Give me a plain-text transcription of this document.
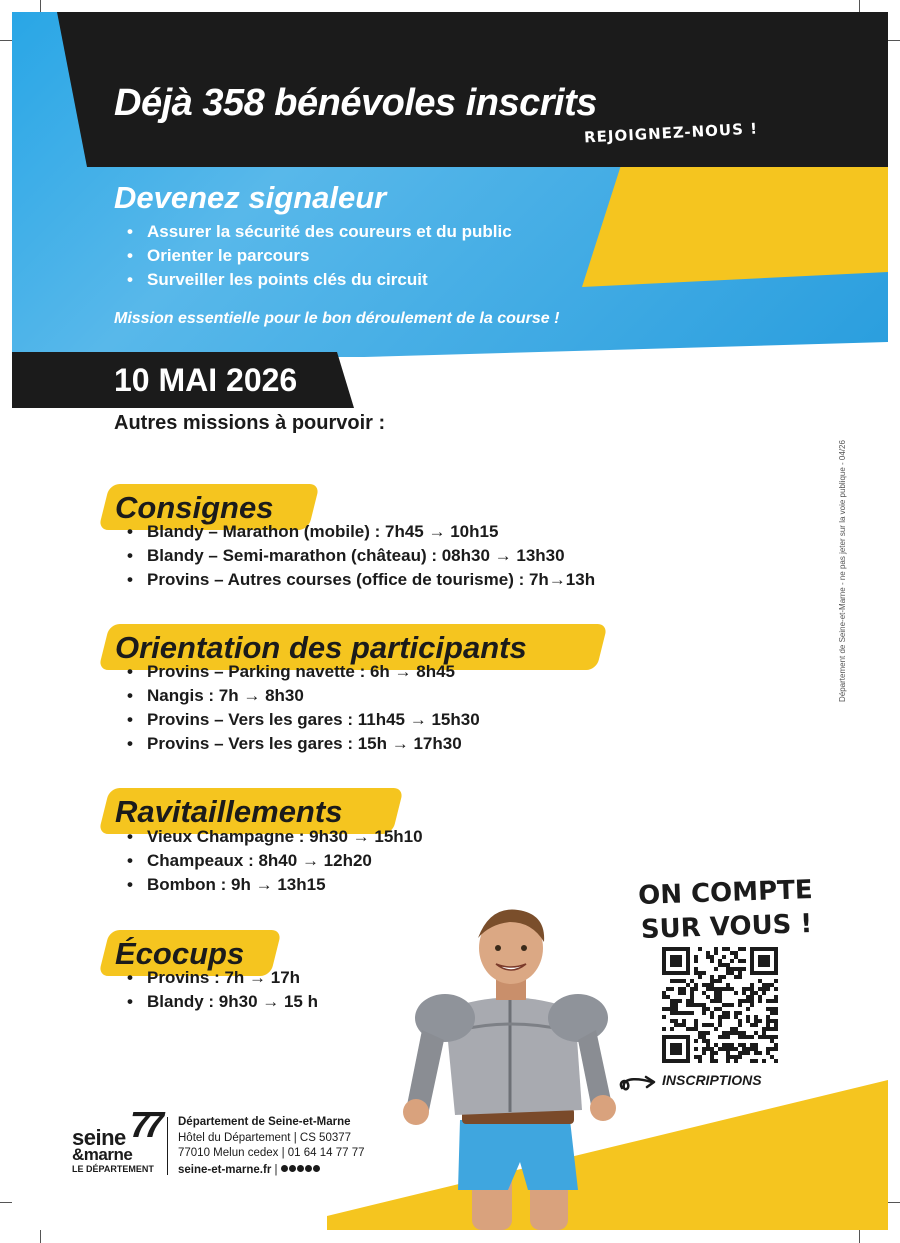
Déjà 358 bénévoles inscrits
REJOIGNEZ-NOUS !
Devenez signaleur
• Assurer la sécurité des coureurs et du public
• Orienter le parcours
• Surveiller les points clés du circuit
Mission essentielle pour le bon déroulement de la course !
10 MAI 2026
Autres missions à pourvoir :
Consignes
• Blandy – Marathon (mobile) : 7h45 → 10h15
• Blandy – Semi-marathon (château) : 08h30 → 13h30
• Provins – Autres courses (office de tourisme) : 7h→13h
Orientation des participants
• Provins – Parking navette : 6h → 8h45
• Nangis : 7h → 8h30
• Provins – Vers les gares : 11h45 → 15h30
• Provins – Vers les gares : 15h → 17h30
Ravitaillements
• Vieux Champagne : 9h30 → 15h10
• Champeaux : 8h40 → 12h20
• Bombon : 9h → 13h15
Écocups
• Provins : 7h → 17h
• Blandy : 9h30 → 15 h
Département de Seine-et-Marne - ne pas jeter sur la voie publique - 04/26
ON COMPTE
SUR VOUS !
INSCRIPTIONS
seine
&marne
LE DÉPARTEMENT
77 Département de Seine-et-Marne
Hôtel du Département | CS 50377
77010 Melun cedex | 01 64 14 77 77
seine-et-marne.fr |
